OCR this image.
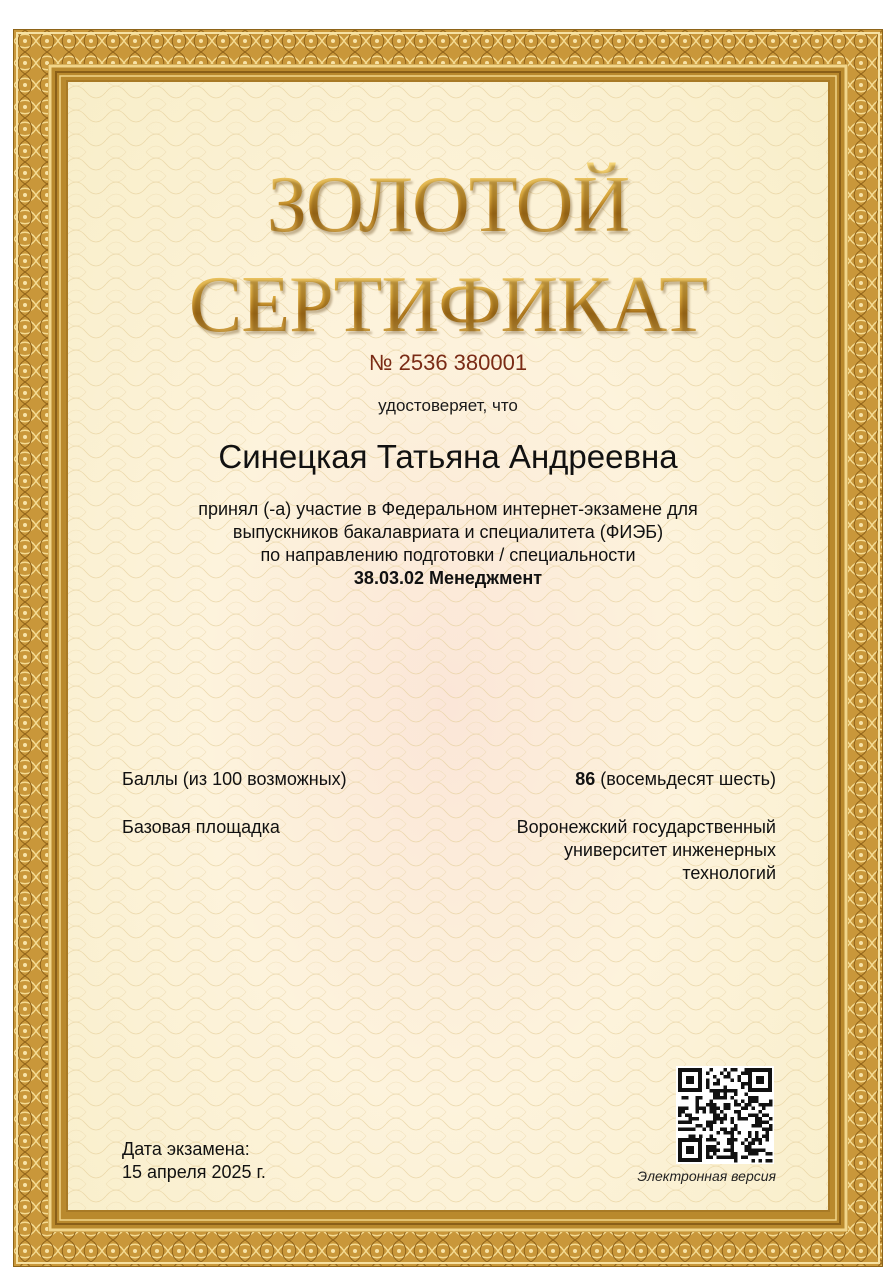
ЗОЛОТОЙ
СЕРТИФИКАТ
№ 2536 380001
удостоверяет, что
Синецкая Татьяна Андреевна
принял (-а) участие в Федеральном интернет-экзамене для
выпускников бакалавриата и специалитета (ФИЭБ)
по направлению подготовки / специальности
38.03.02 Менеджмент
Баллы (из 100 возможных)	86 (восемьдесят шесть)
Базовая площадка	Воронежский государственный
университет инженерных
технологий
Дата экзамена:
15 апреля 2025 г.	Электронная версия
